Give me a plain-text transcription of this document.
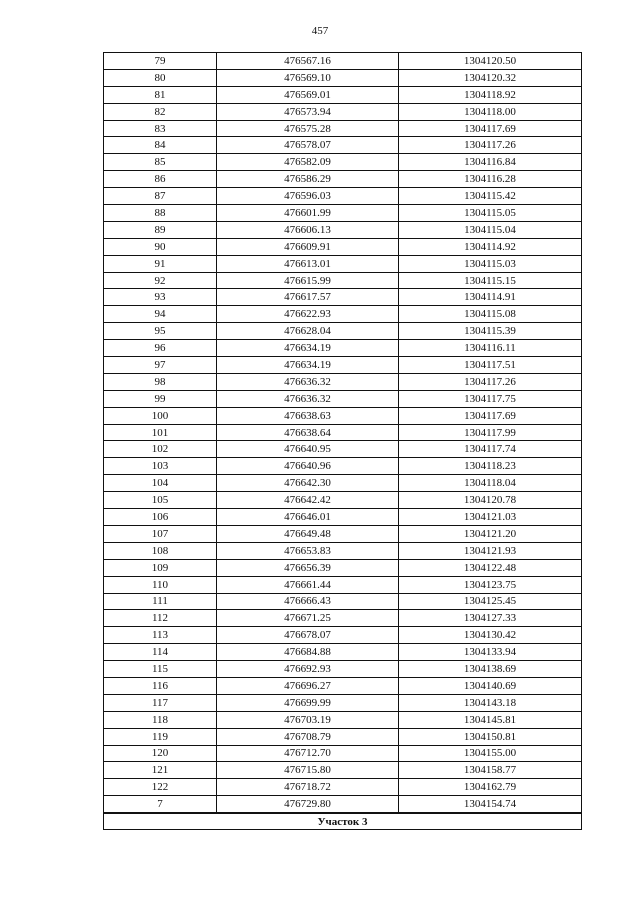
457
79	476567.16	1304120.50
80	476569.10	1304120.32
81	476569.01	1304118.92
82	476573.94	1304118.00
83	476575.28	1304117.69
84	476578.07	1304117.26
85	476582.09	1304116.84
86	476586.29	1304116.28
87	476596.03	1304115.42
88	476601.99	1304115.05
89	476606.13	1304115.04
90	476609.91	1304114.92
91	476613.01	1304115.03
92	476615.99	1304115.15
93	476617.57	1304114.91
94	476622.93	1304115.08
95	476628.04	1304115.39
96	476634.19	1304116.11
97	476634.19	1304117.51
98	476636.32	1304117.26
99	476636.32	1304117.75
100	476638.63	1304117.69
101	476638.64	1304117.99
102	476640.95	1304117.74
103	476640.96	1304118.23
104	476642.30	1304118.04
105	476642.42	1304120.78
106	476646.01	1304121.03
107	476649.48	1304121.20
108	476653.83	1304121.93
109	476656.39	1304122.48
110	476661.44	1304123.75
111	476666.43	1304125.45
112	476671.25	1304127.33
113	476678.07	1304130.42
114	476684.88	1304133.94
115	476692.93	1304138.69
116	476696.27	1304140.69
117	476699.99	1304143.18
118	476703.19	1304145.81
119	476708.79	1304150.81
120	476712.70	1304155.00
121	476715.80	1304158.77
122	476718.72	1304162.79
7	476729.80	1304154.74
Участок 3		
